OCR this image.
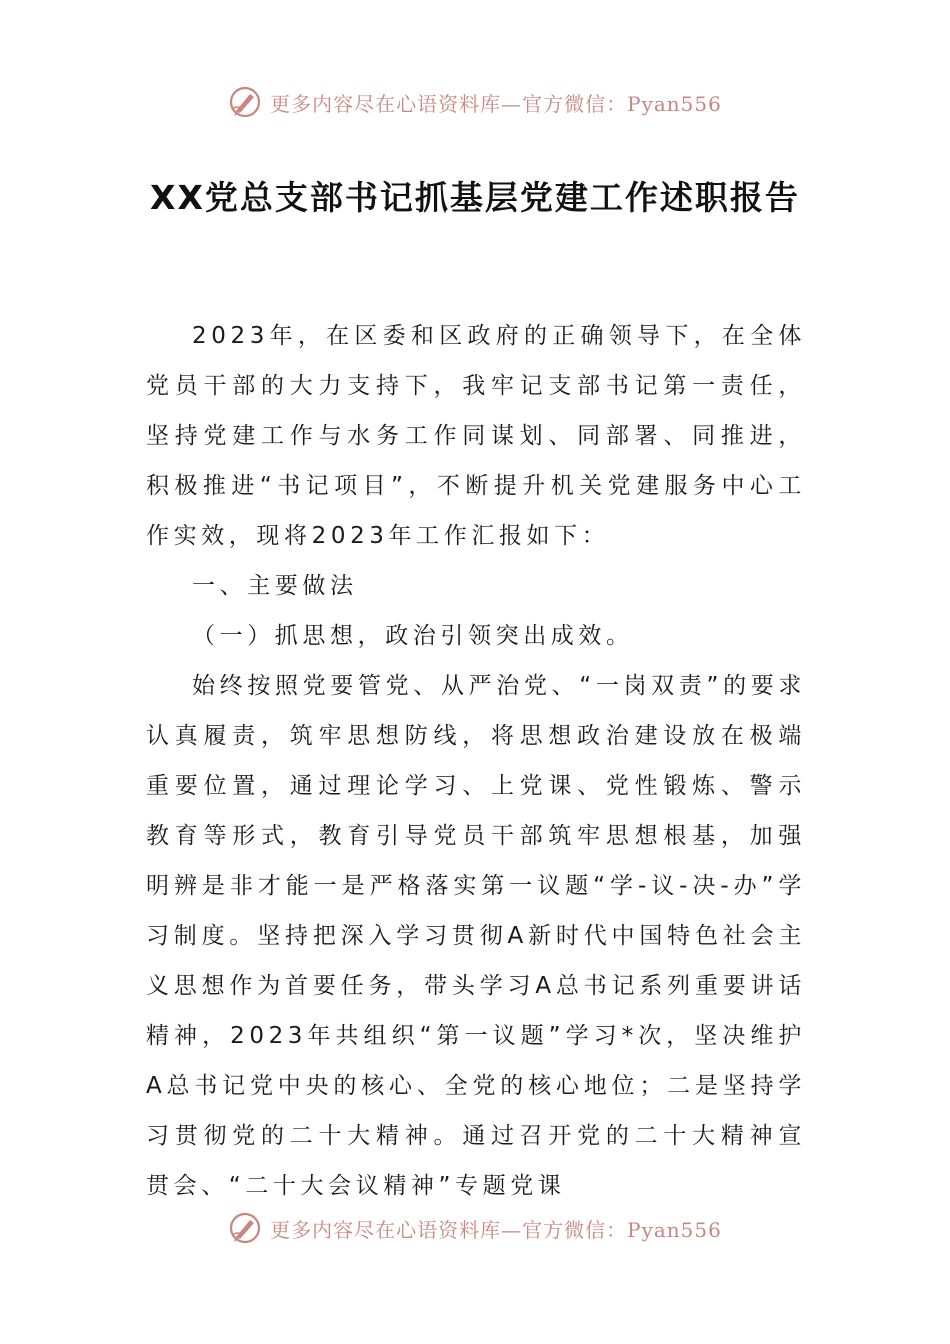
更多内容尽在心语资料库—官方微信：Pyan556
XX党总支部书记抓基层党建工作述职报告

2023年，在区委和区政府的正确领导下，在全体党员干部的大力支持下，我牢记支部书记第一责任，坚持党建工作与水务工作同谋划、同部署、同推进，积极推进“书记项目”，不断提升机关党建服务中心工作实效，现将2023年工作汇报如下：

一、主要做法

（一）抓思想，政治引领突出成效。

始终按照党要管党、从严治党、“一岗双责”的要求认真履责，筑牢思想防线，将思想政治建设放在极端重要位置，通过理论学习、上党课、党性锻炼、警示教育等形式，教育引导党员干部筑牢思想根基，加强明辨是非才能一是严格落实第一议题“学-议-决-办”学习制度。坚持把深入学习贯彻A新时代中国特色社会主义思想作为首要任务，带头学习A总书记系列重要讲话精神，2023年共组织“第一议题”学习*次，坚决维护A总书记党中央的核心、全党的核心地位；二是坚持学习贯彻党的二十大精神。通过召开党的二十大精神宣贯会、“二十大会议精神”专题党课

更多内容尽在心语资料库—官方微信：Pyan556
